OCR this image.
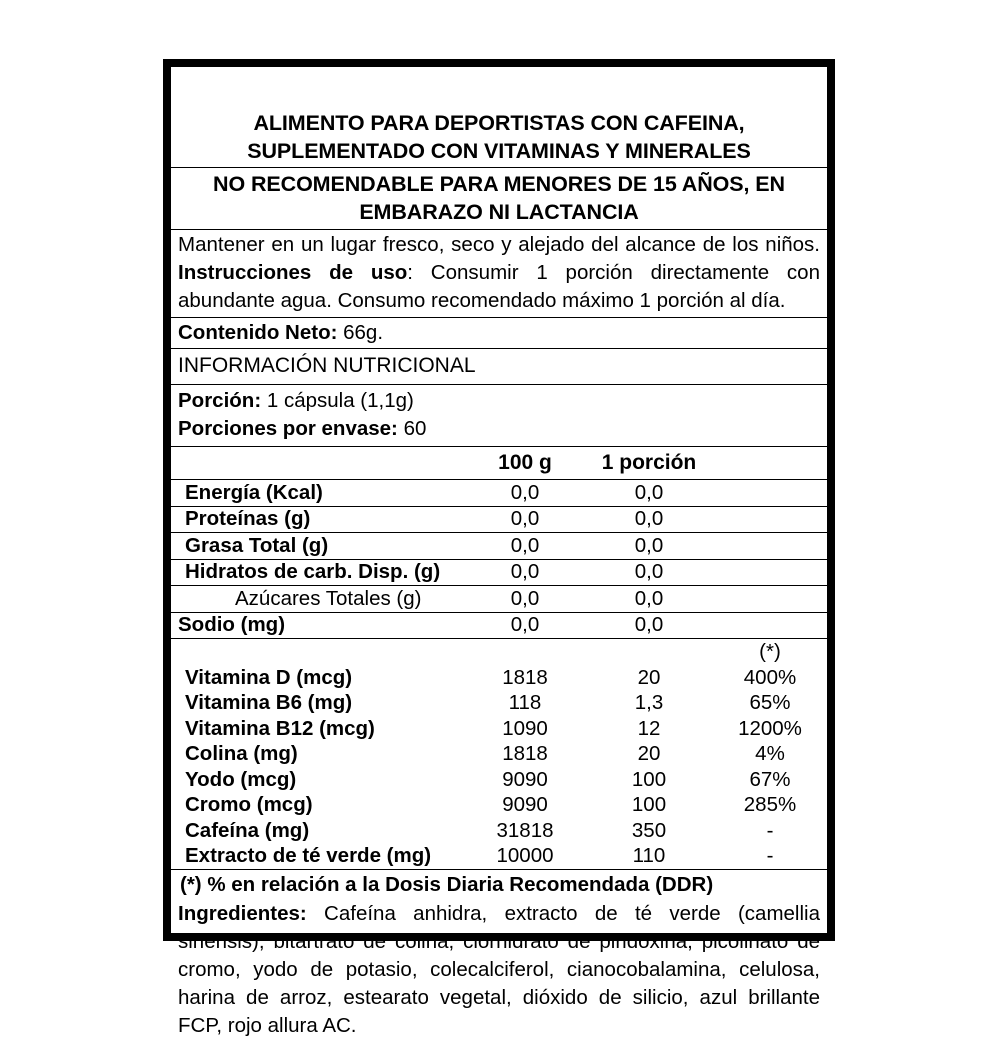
ALIMENTO PARA DEPORTISTAS CON CAFEINA,
SUPLEMENTADO CON VITAMINAS Y MINERALES
NO RECOMENDABLE PARA MENORES DE 15 AÑOS, EN
EMBARAZO NI LACTANCIA
Mantener en un lugar fresco, seco y alejado del alcance de los niños. Instrucciones de uso: Consumir 1 porción directamente con abundante agua. Consumo recomendado máximo 1 porción al día.
Contenido Neto: 66g.
INFORMACIÓN NUTRICIONAL
Porción: 1 cápsula (1,1g)
Porciones por envase: 60
	100 g	1 porción	
Energía (Kcal)	0,0	0,0	
Proteínas (g)	0,0	0,0	
Grasa Total (g)	0,0	0,0	
Hidratos de carb. Disp. (g)	0,0	0,0	
Azúcares Totales (g)	0,0	0,0	
Sodio (mg)	0,0	0,0	
			(*)
Vitamina D (mcg)	1818	20	400%
Vitamina B6 (mg)	118	1,3	65%
Vitamina B12 (mcg)	1090	12	1200%
Colina (mg)	1818	20	4%
Yodo (mcg)	9090	100	67%
Cromo (mcg)	9090	100	285%
Cafeína (mg)	31818	350	-
Extracto de té verde (mg)	10000	110	-
(*) % en relación a la Dosis Diaria Recomendada (DDR)
Ingredientes: Cafeína anhidra, extracto de té verde (camellia sinensis), bitartrato de colina, clorhidrato de piridoxina, picolinato de cromo, yodo de potasio, colecalciferol, cianocobalamina, celulosa, harina de arroz, estearato vegetal, dióxido de silicio, azul brillante FCP, rojo allura AC.
